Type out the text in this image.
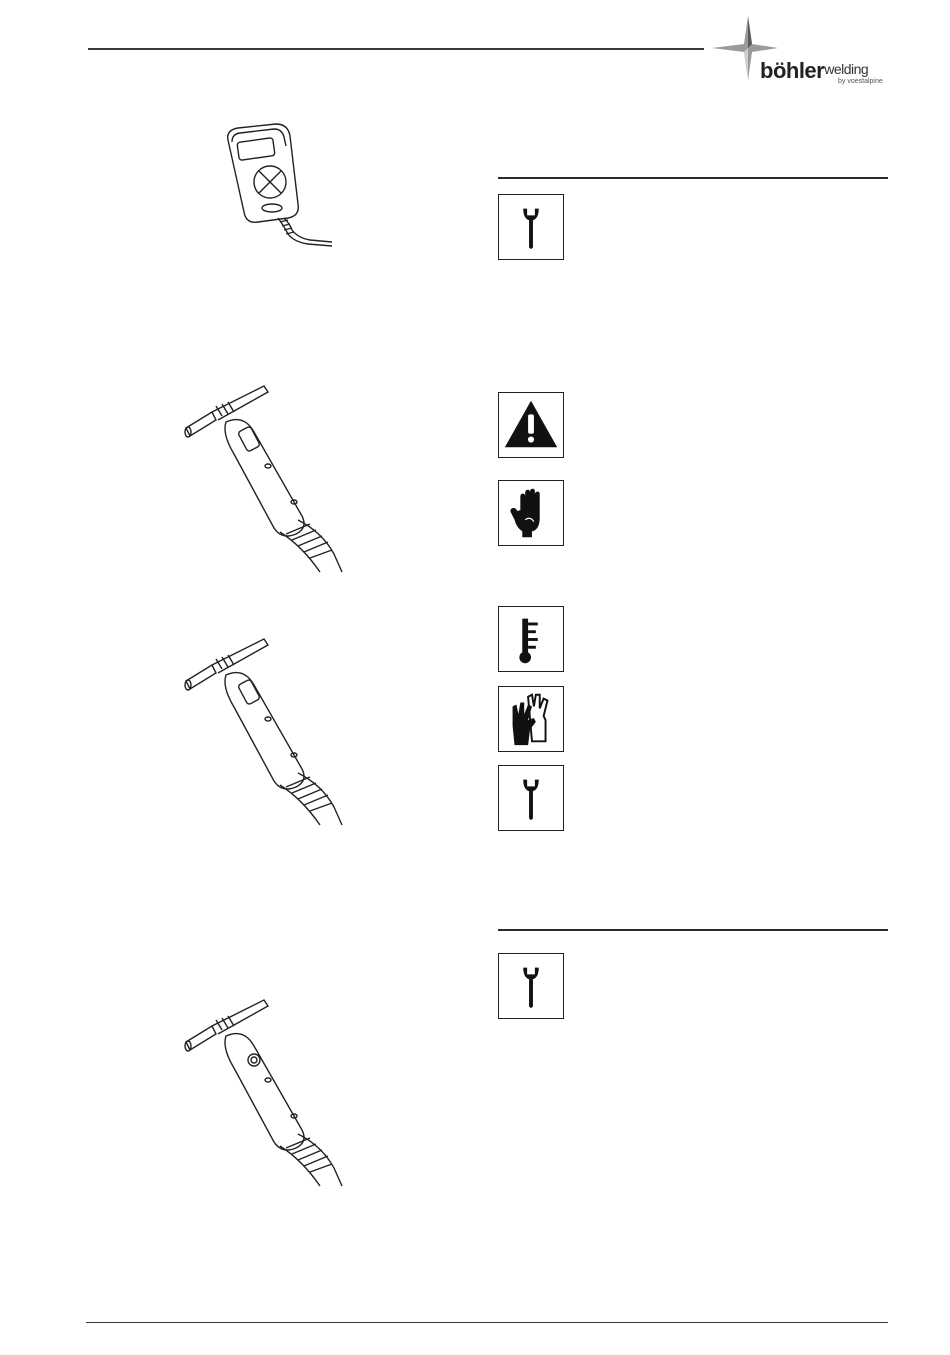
böhlerwelding
by voestalpine
